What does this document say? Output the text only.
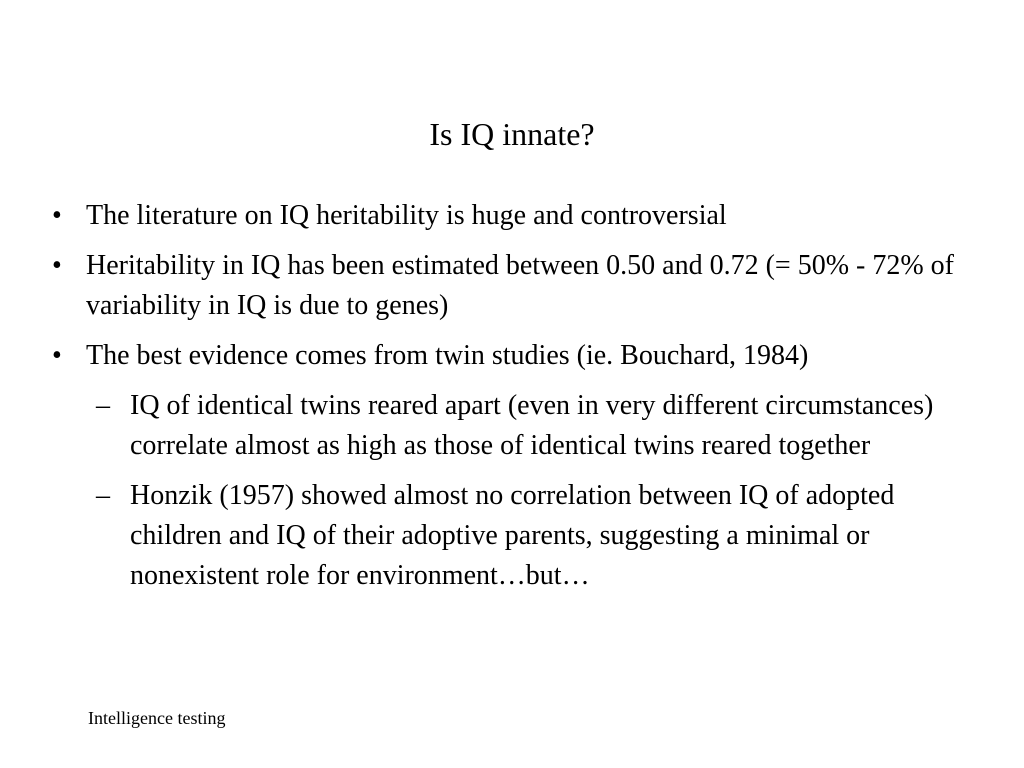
Is IQ innate?
• The literature on IQ heritability is huge and controversial
• Heritability in IQ has been estimated between 0.50 and 0.72 (= 50% - 72% of variability in IQ is due to genes)
• The best evidence comes from twin studies (ie. Bouchard, 1984)
– IQ of identical twins reared apart (even in very different circumstances) correlate almost as high as those of identical twins reared together
– Honzik (1957) showed almost no correlation between IQ of adopted children and IQ of their adoptive parents, suggesting a minimal or nonexistent role for environment…but…
Intelligence testing
